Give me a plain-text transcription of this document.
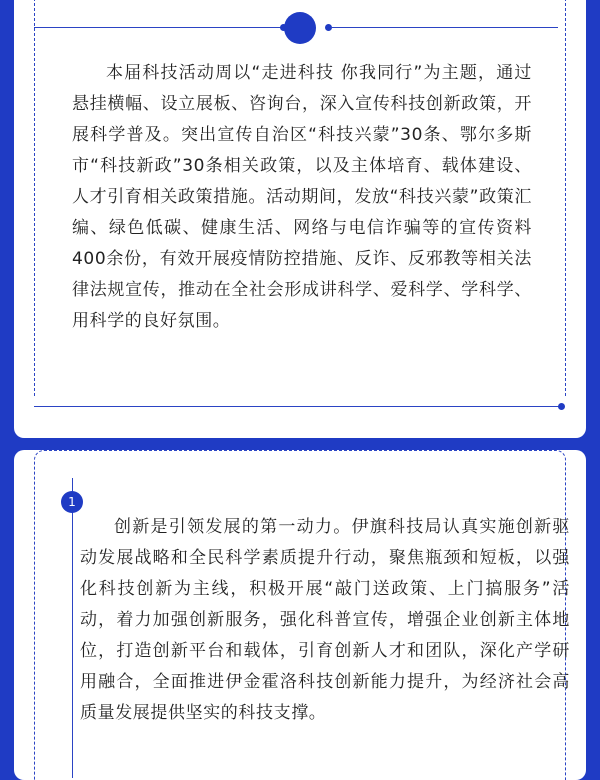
本届科技活动周以“走进科技 你我同行”为主题，通过悬挂横幅、设立展板、咨询台，深入宣传科技创新政策，开展科学普及。突出宣传自治区“科技兴蒙”30条、鄂尔多斯市“科技新政”30条相关政策，以及主体培育、载体建设、人才引育相关政策措施。活动期间，发放“科技兴蒙”政策汇编、绿色低碳、健康生活、网络与电信诈骗等的宣传资料400余份，有效开展疫情防控措施、反诈、反邪教等相关法律法规宣传，推动在全社会形成讲科学、爱科学、学科学、用科学的良好氛围。

1

创新是引领发展的第一动力。伊旗科技局认真实施创新驱动发展战略和全民科学素质提升行动，聚焦瓶颈和短板，以强化科技创新为主线，积极开展“敲门送政策、上门搞服务”活动，着力加强创新服务，强化科普宣传，增强企业创新主体地位，打造创新平台和载体，引育创新人才和团队，深化产学研用融合，全面推进伊金霍洛科技创新能力提升，为经济社会高质量发展提供坚实的科技支撑。
